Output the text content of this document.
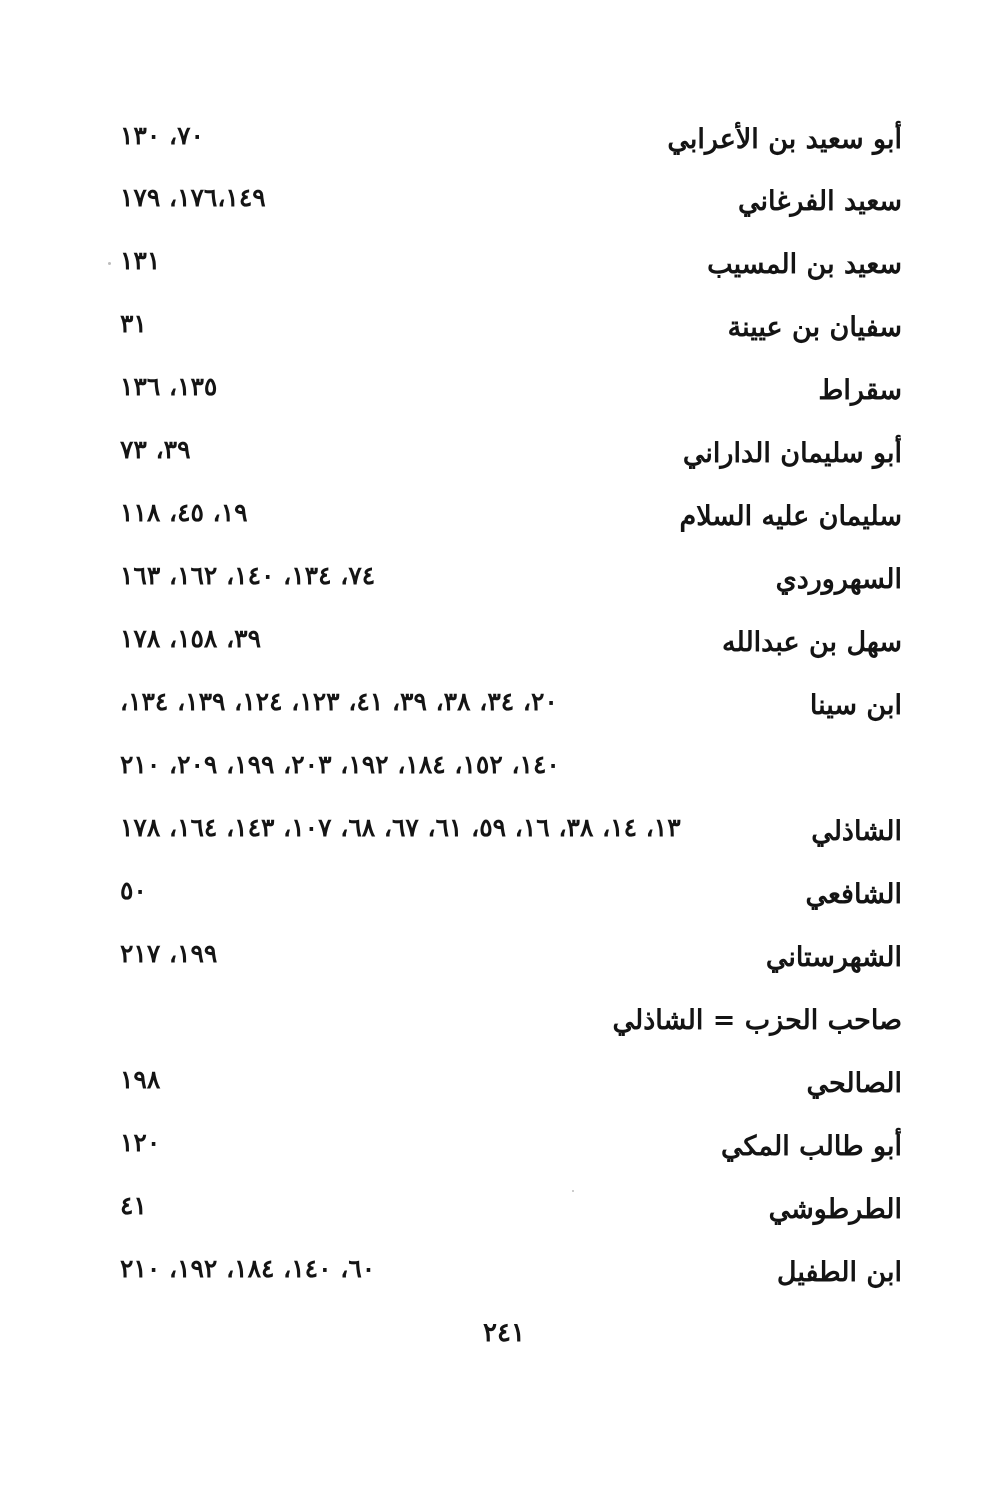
أبو سعيد بن الأعرابي
٧٠، ١٣٠
سعيد الفرغاني
١٧٦،١٤٩، ١٧٩
سعيد بن المسيب
١٣١
سفيان بن عيينة
٣١
سقراط
١٣٥، ١٣٦
أبو سليمان الداراني
٣٩، ٧٣
سليمان عليه السلام
١٩، ٤٥، ١١٨
السهروردي
٧٤، ١٣٤، ١٤٠، ١٦٢، ١٦٣
سهل بن عبدالله
٣٩، ١٥٨، ١٧٨
ابن سينا
٢٠، ٣٤، ٣٨، ٣٩، ٤١، ١٢٣، ١٢٤، ١٣٩، ١٣٤،
١٤٠، ١٥٢، ١٨٤، ١٩٢، ٢٠٣، ١٩٩، ٢٠٩، ٢١٠
الشاذلي
١٣، ١٤، ٣٨، ١٦، ٥٩، ٦١، ٦٧، ٦٨، ١٠٧، ١٤٣، ١٦٤، ١٧٨
الشافعي
٥٠
الشهرستاني
١٩٩، ٢١٧
صاحب الحزب = الشاذلي
الصالحي
١٩٨
أبو طالب المكي
١٢٠
الطرطوشي
٤١
ابن الطفيل
٦٠، ١٤٠، ١٨٤، ١٩٢، ٢١٠
٢٤١
